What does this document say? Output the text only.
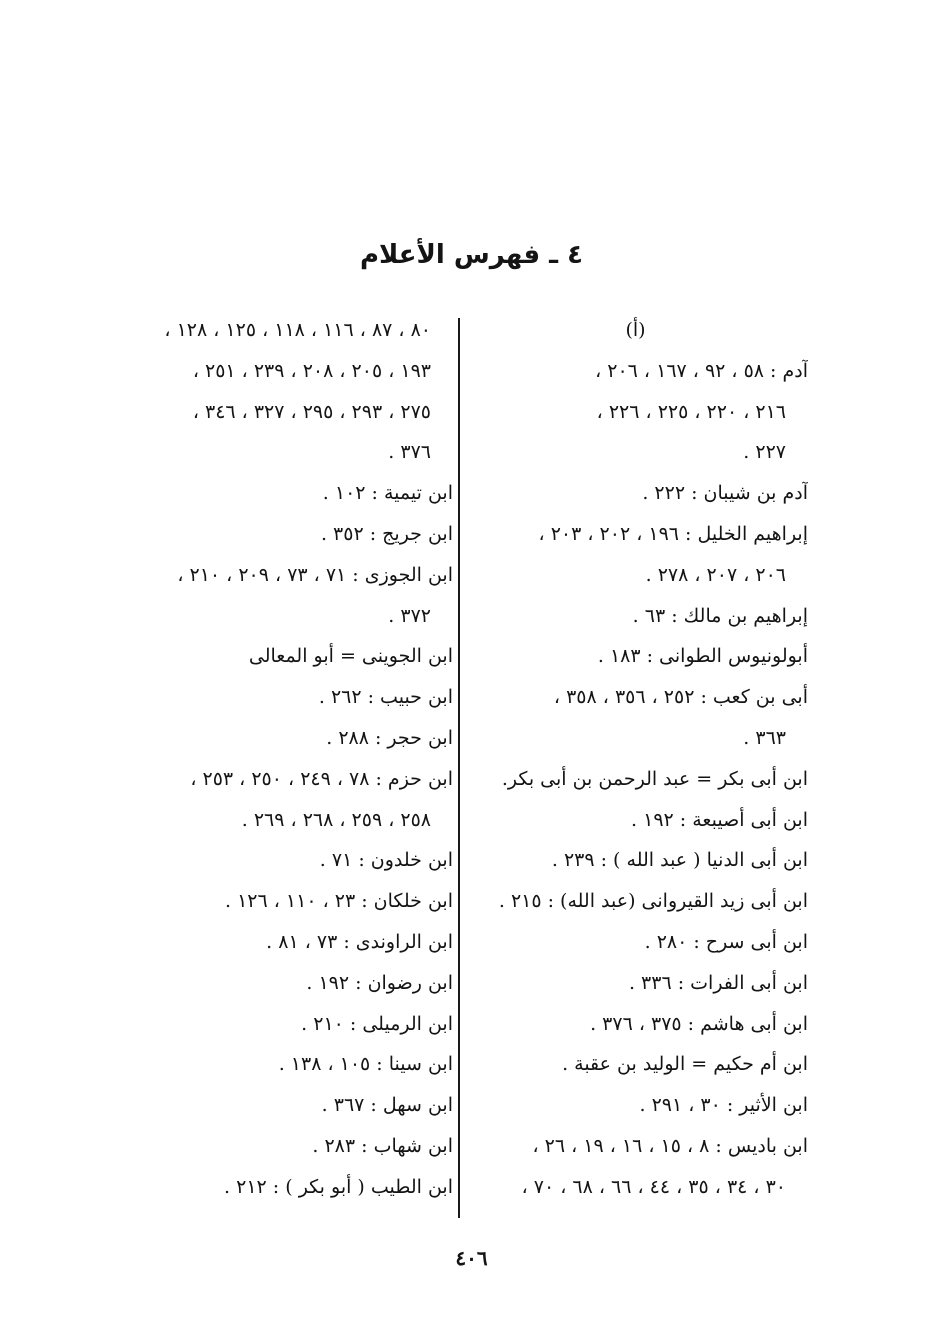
٤ ـ فهرس الأعلام
(أ)
آدم : ٥٨ ، ٩٢ ، ١٦٧ ، ٢٠٦ ،
٢١٦ ، ٢٢٠ ، ٢٢٥ ، ٢٢٦ ،
٢٢٧ .
آدم بن شيبان : ٢٢٢ .
إبراهيم الخليل : ١٩٦ ، ٢٠٢ ، ٢٠٣ ،
٢٠٦ ، ٢٠٧ ، ٢٧٨ .
إبراهيم بن مالك : ٦٣ .
أبولونيوس الطوانى : ١٨٣ .
أبى بن كعب : ٢٥٢ ، ٣٥٦ ، ٣٥٨ ،
٣٦٣ .
ابن أبى بكر = عبد الرحمن بن أبى بكر.
ابن أبى أصيبعة : ١٩٢ .
ابن أبى الدنيا ( عبد الله ) : ٢٣٩ .
ابن أبى زيد القيروانى (عبد الله) : ٢١٥ .
ابن أبى سرح : ٢٨٠ .
ابن أبى الفرات : ٣٣٦ .
ابن أبى هاشم : ٣٧٥ ، ٣٧٦ .
ابن أم حكيم = الوليد بن عقبة .
ابن الأثير : ٣٠ ، ٢٩١ .
ابن باديس : ٨ ، ١٥ ، ١٦ ، ١٩ ، ٢٦ ،
٣٠ ، ٣٤ ، ٣٥ ، ٤٤ ، ٦٦ ، ٦٨ ، ٧٠ ،
٨٠ ، ٨٧ ، ١١٦ ، ١١٨ ، ١٢٥ ، ١٢٨ ،
١٩٣ ، ٢٠٥ ، ٢٠٨ ، ٢٣٩ ، ٢٥١ ،
٢٧٥ ، ٢٩٣ ، ٢٩٥ ، ٣٢٧ ، ٣٤٦ ،
٣٧٦ .
ابن تيمية : ١٠٢ .
ابن جريج : ٣٥٢ .
ابن الجوزى : ٧١ ، ٧٣ ، ٢٠٩ ، ٢١٠ ،
٣٧٢ .
ابن الجوينى = أبو المعالى
ابن حبيب : ٢٦٢ .
ابن حجر : ٢٨٨ .
ابن حزم : ٧٨ ، ٢٤٩ ، ٢٥٠ ، ٢٥٣ ،
٢٥٨ ، ٢٥٩ ، ٢٦٨ ، ٢٦٩ .
ابن خلدون : ٧١ .
ابن خلكان : ٢٣ ، ١١٠ ، ١٢٦ .
ابن الراوندى : ٧٣ ، ٨١ .
ابن رضوان : ١٩٢ .
ابن الرميلى : ٢١٠ .
ابن سينا : ١٠٥ ، ١٣٨ .
ابن سهل : ٣٦٧ .
ابن شهاب : ٢٨٣ .
ابن الطيب ( أبو بكر ) : ٢١٢ .
٤٠٦
